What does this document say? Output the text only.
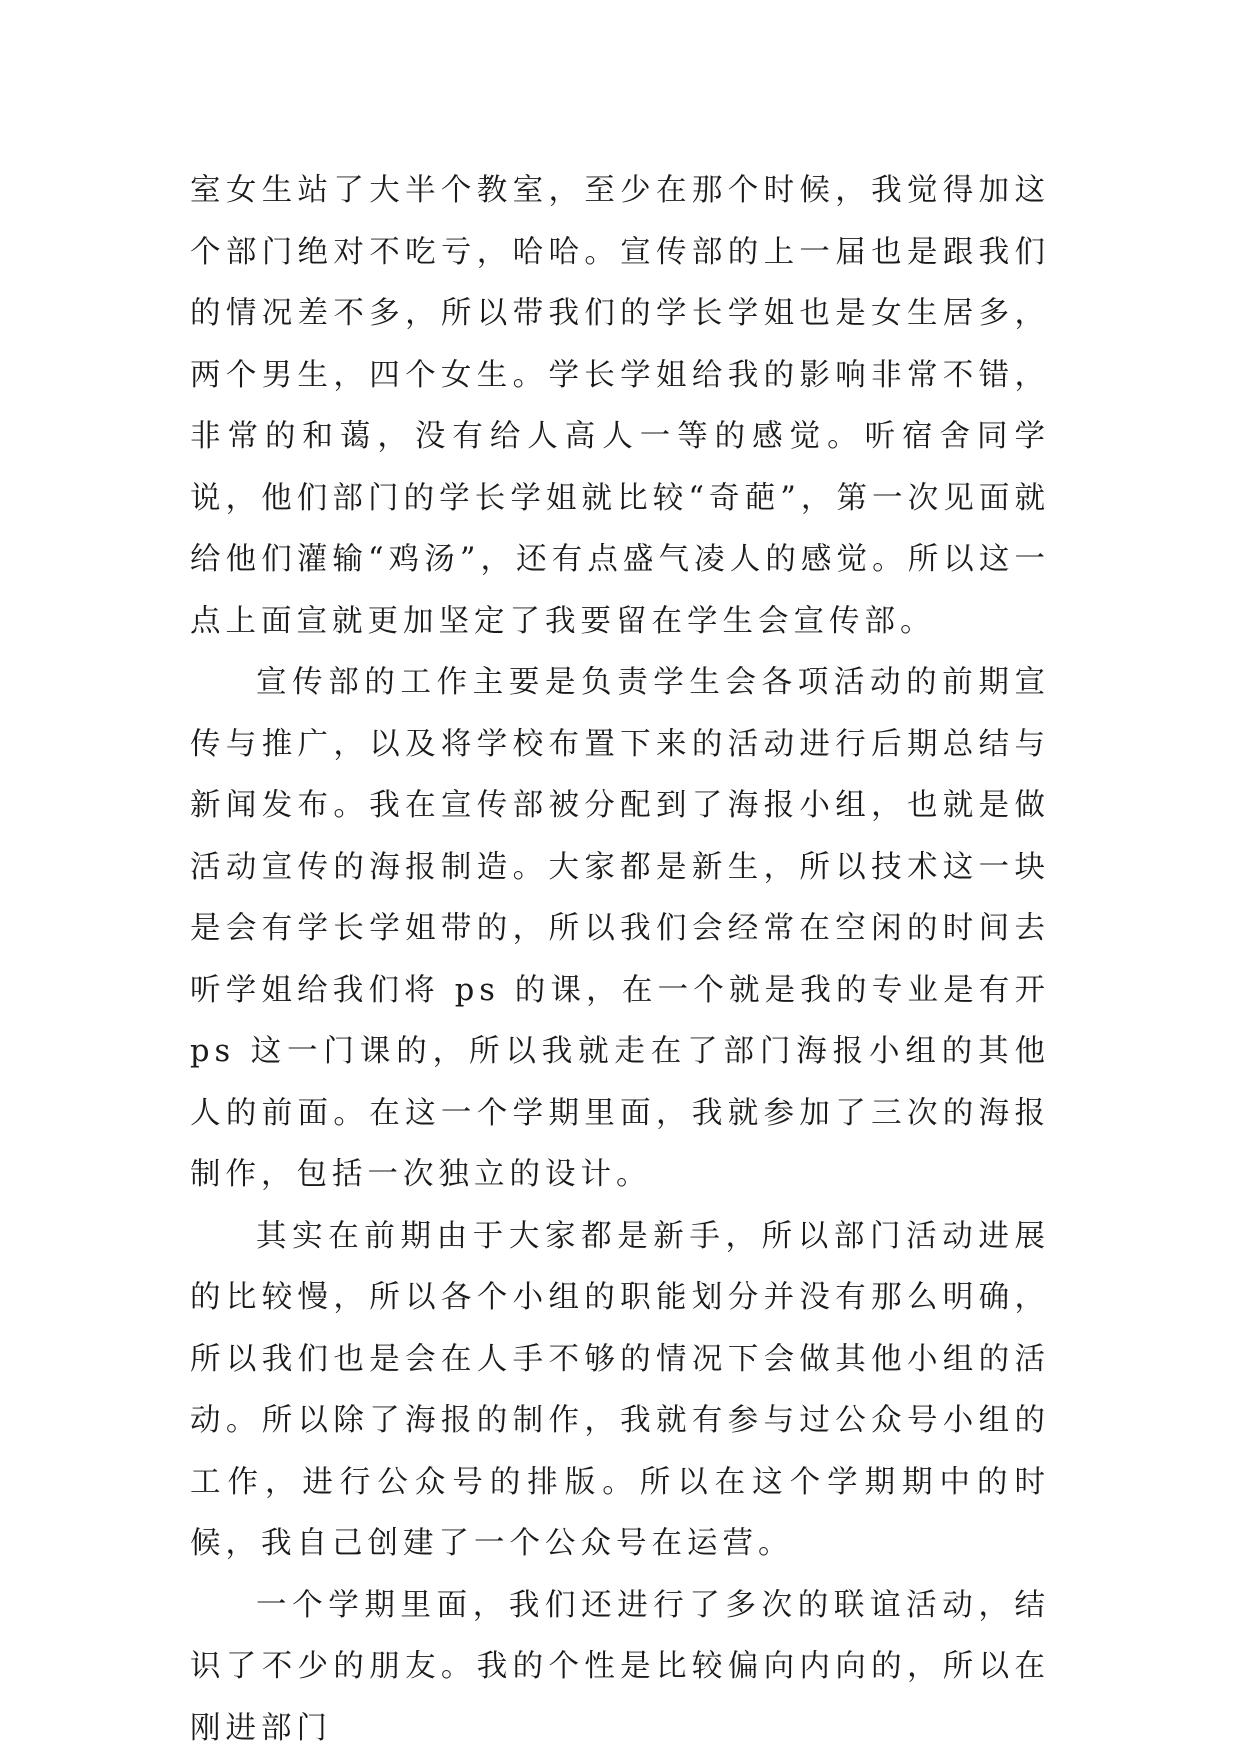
室女生站了大半个教室，至少在那个时候，我觉得加这个部门绝对不吃亏，哈哈。宣传部的上一届也是跟我们的情况差不多，所以带我们的学长学姐也是女生居多，两个男生，四个女生。学长学姐给我的影响非常不错，非常的和蔼，没有给人高人一等的感觉。听宿舍同学说，他们部门的学长学姐就比较“奇葩”，第一次见面就给他们灌输“鸡汤”，还有点盛气凌人的感觉。所以这一点上面宣就更加坚定了我要留在学生会宣传部。

宣传部的工作主要是负责学生会各项活动的前期宣传与推广，以及将学校布置下来的活动进行后期总结与新闻发布。我在宣传部被分配到了海报小组，也就是做活动宣传的海报制造。大家都是新生，所以技术这一块是会有学长学姐带的，所以我们会经常在空闲的时间去听学姐给我们将 ps 的课，在一个就是我的专业是有开 ps 这一门课的，所以我就走在了部门海报小组的其他人的前面。在这一个学期里面，我就参加了三次的海报制作，包括一次独立的设计。

其实在前期由于大家都是新手，所以部门活动进展的比较慢，所以各个小组的职能划分并没有那么明确，所以我们也是会在人手不够的情况下会做其他小组的活动。所以除了海报的制作，我就有参与过公众号小组的工作，进行公众号的排版。所以在这个学期期中的时候，我自己创建了一个公众号在运营。

一个学期里面，我们还进行了多次的联谊活动，结识了不少的朋友。我的个性是比较偏向内向的，所以在刚进部门
